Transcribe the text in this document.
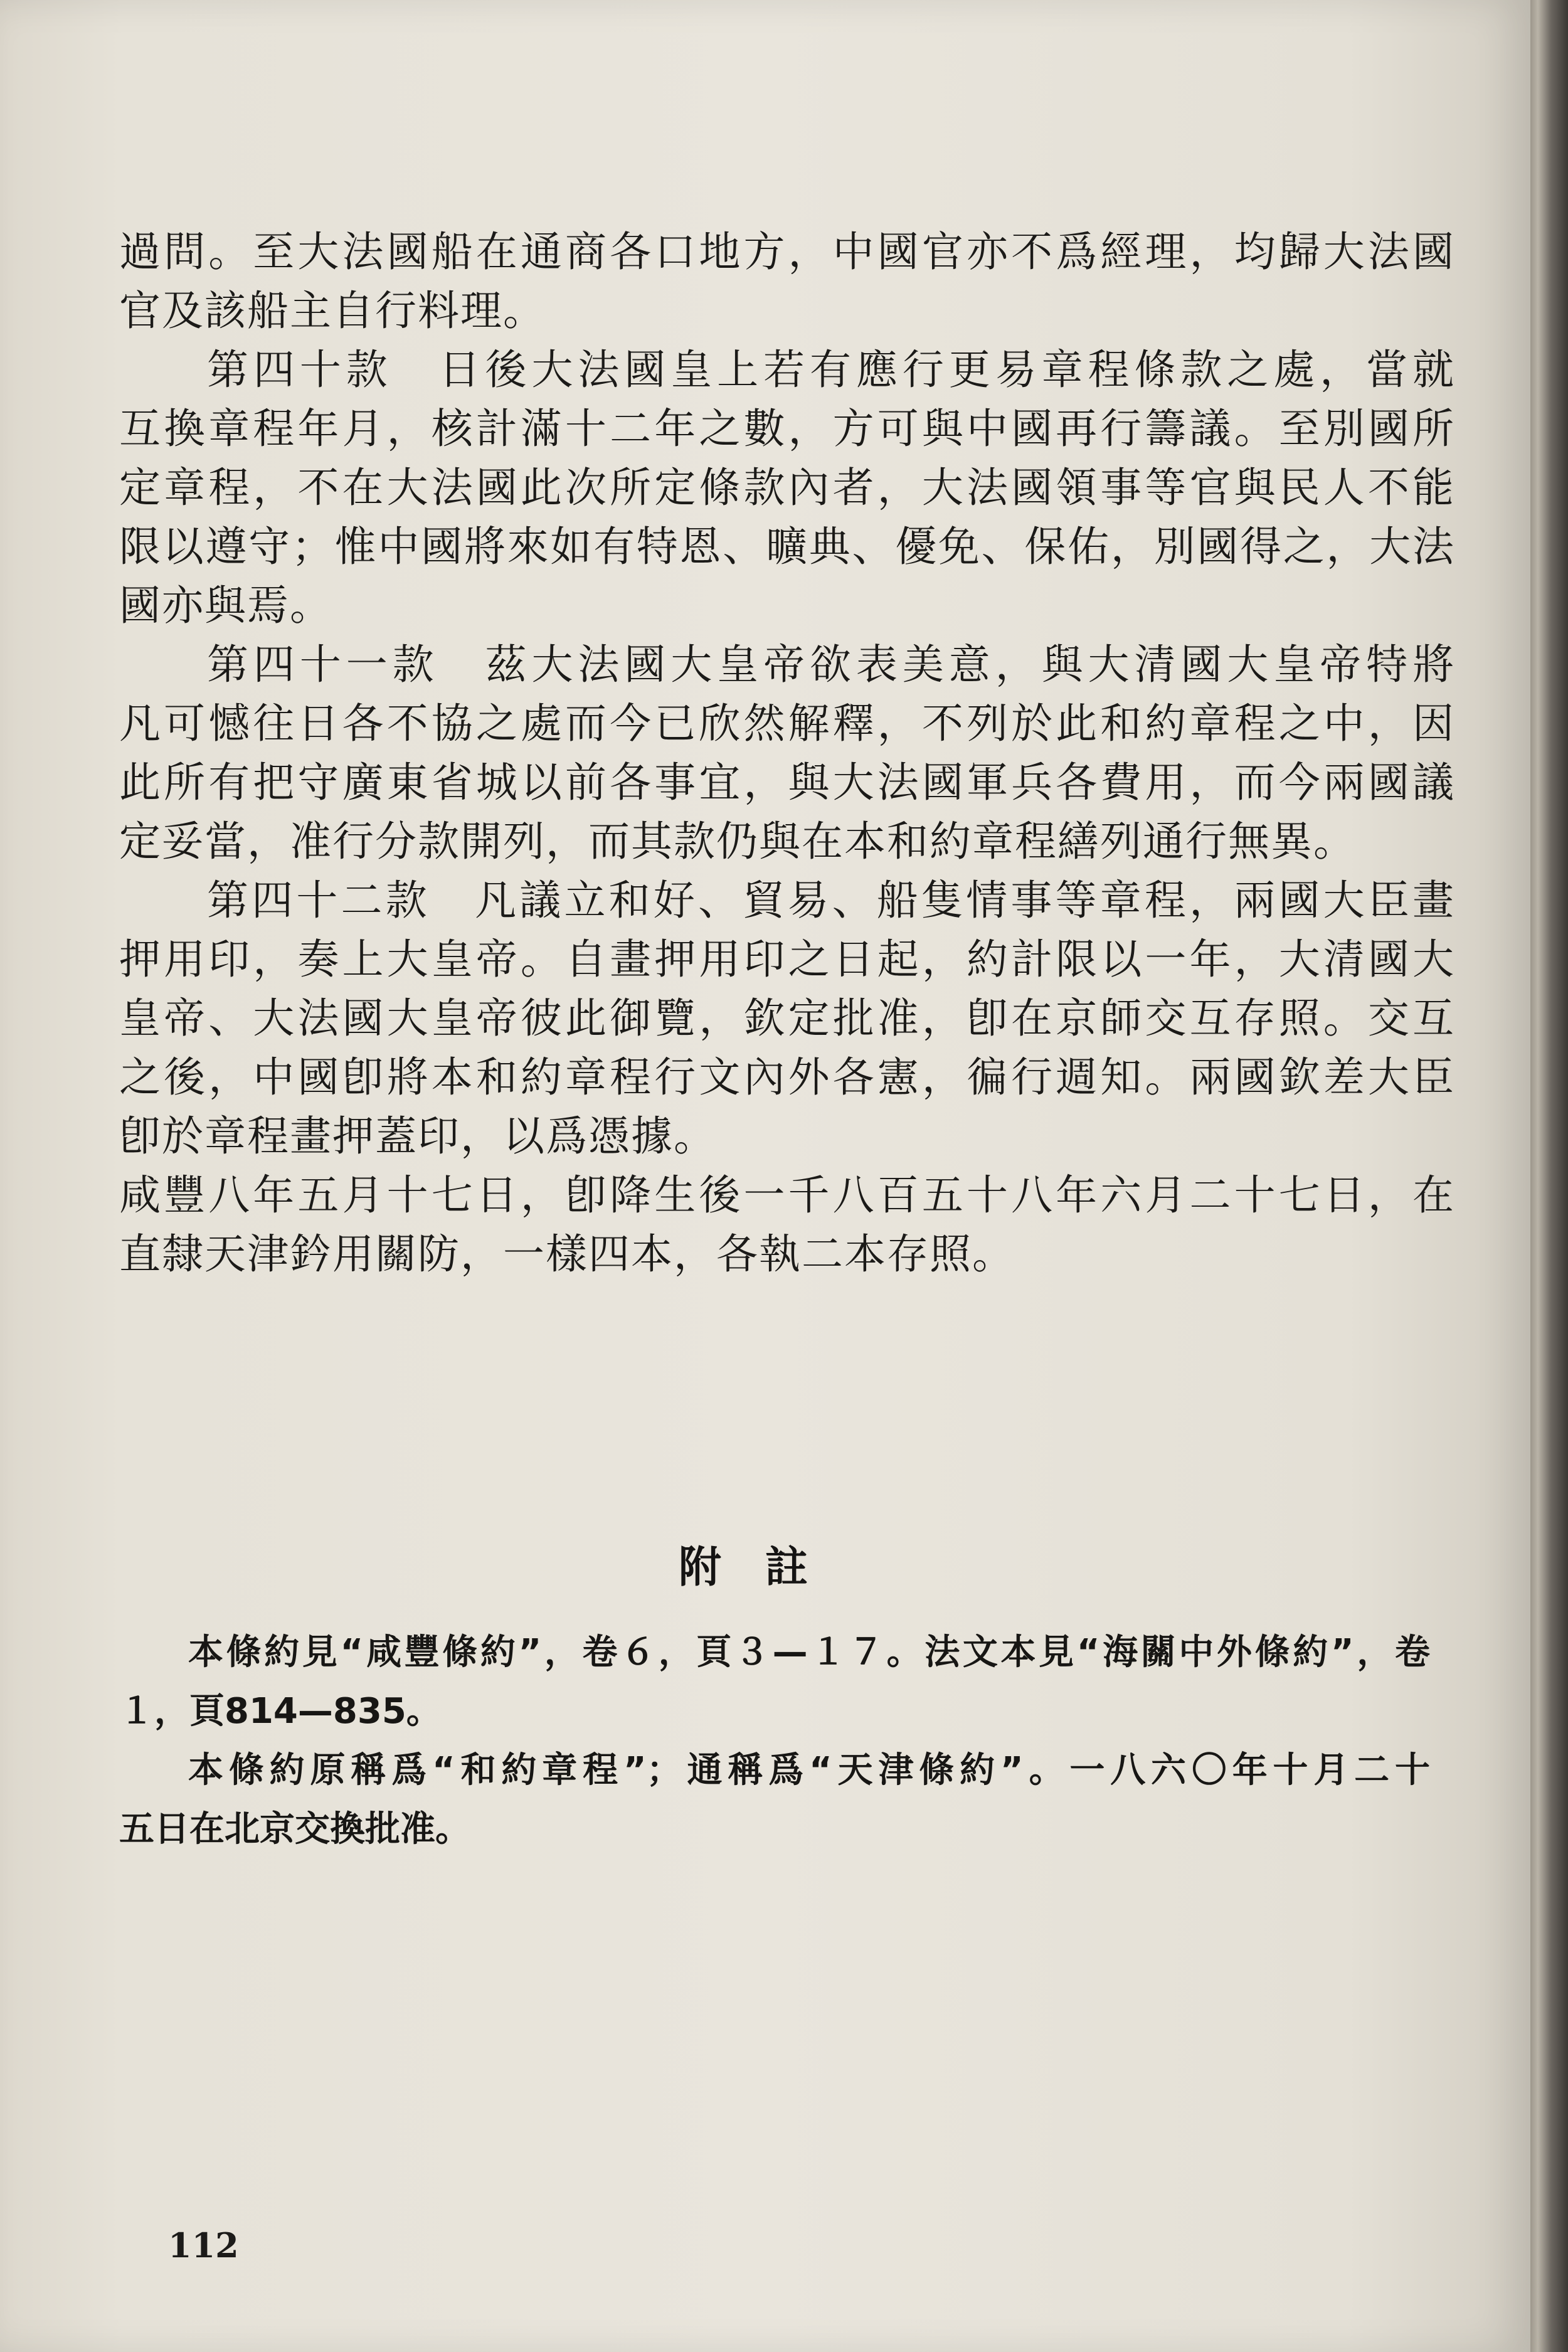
過問。至大法國船在通商各口地方，中國官亦不爲經理，均歸大法國
官及該船主自行料理。
第四十款　日後大法國皇上若有應行更易章程條款之處，當就
互換章程年月，核計滿十二年之數，方可與中國再行籌議。至別國所
定章程，不在大法國此次所定條款內者，大法國領事等官與民人不能
限以遵守；惟中國將來如有特恩、曠典、優免、保佑，別國得之，大法
國亦與焉。
第四十一款　茲大法國大皇帝欲表美意，與大清國大皇帝特將
凡可憾往日各不協之處而今已欣然解釋，不列於此和約章程之中，因
此所有把守廣東省城以前各事宜，與大法國軍兵各費用，而今兩國議
定妥當，准行分款開列，而其款仍與在本和約章程繕列通行無異。
第四十二款　凡議立和好、貿易、船隻情事等章程，兩國大臣畫
押用印，奏上大皇帝。自畫押用印之日起，約計限以一年，大清國大
皇帝、大法國大皇帝彼此御覽，欽定批准，卽在京師交互存照。交互
之後，中國卽將本和約章程行文內外各憲，徧行週知。兩國欽差大臣
卽於章程畫押蓋印，以爲憑據。
咸豐八年五月十七日，卽降生後一千八百五十八年六月二十七日，在
直隸天津鈐用關防，一樣四本，各執二本存照。
附註
本條約見“咸豐條約”，卷６，頁３—１７。法文本見“海關中外條約”，卷
１，頁814—835。
本條約原稱爲“和約章程”；通稱爲“天津條約”。一八六〇年十月二十
五日在北京交換批准。
112
